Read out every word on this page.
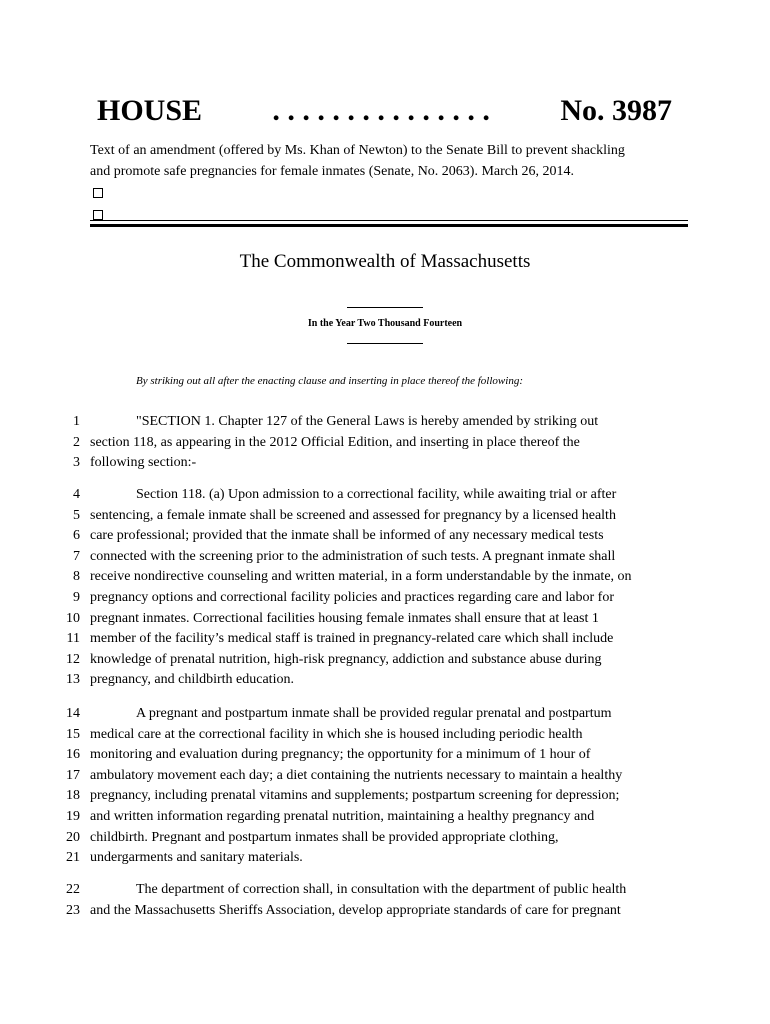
HOUSE . . . . . . . . . . . . . . . No. 3987
Text of an amendment (offered by Ms. Khan of Newton) to the Senate Bill to prevent shackling
and promote safe pregnancies for female inmates (Senate, No. 2063). March 26, 2014.
The Commonwealth of Massachusetts
In the Year Two Thousand Fourteen
By striking out all after the enacting clause and inserting in place thereof the following:
1	"SECTION 1. Chapter 127 of the General Laws is hereby amended by striking out
2 section 118, as appearing in the 2012 Official Edition, and inserting in place thereof the
3 following section:-
4	Section 118. (a) Upon admission to a correctional facility, while awaiting trial or after
5 sentencing, a female inmate shall be screened and assessed for pregnancy by a licensed health
6 care professional; provided that the inmate shall be informed of any necessary medical tests
7 connected with the screening prior to the administration of such tests. A pregnant inmate shall
8 receive nondirective counseling and written material, in a form understandable by the inmate, on
9 pregnancy options and correctional facility policies and practices regarding care and labor for
10 pregnant inmates. Correctional facilities housing female inmates shall ensure that at least 1
11 member of the facility’s medical staff is trained in pregnancy-related care which shall include
12 knowledge of prenatal nutrition, high-risk pregnancy, addiction and substance abuse during
13 pregnancy, and childbirth education.
14	A pregnant and postpartum inmate shall be provided regular prenatal and postpartum
15 medical care at the correctional facility in which she is housed including periodic health
16 monitoring and evaluation during pregnancy; the opportunity for a minimum of 1 hour of
17 ambulatory movement each day; a diet containing the nutrients necessary to maintain a healthy
18 pregnancy, including prenatal vitamins and supplements; postpartum screening for depression;
19 and written information regarding prenatal nutrition, maintaining a healthy pregnancy and
20 childbirth. Pregnant and postpartum inmates shall be provided appropriate clothing,
21 undergarments and sanitary materials.
22	The department of correction shall, in consultation with the department of public health
23 and the Massachusetts Sheriffs Association, develop appropriate standards of care for pregnant
